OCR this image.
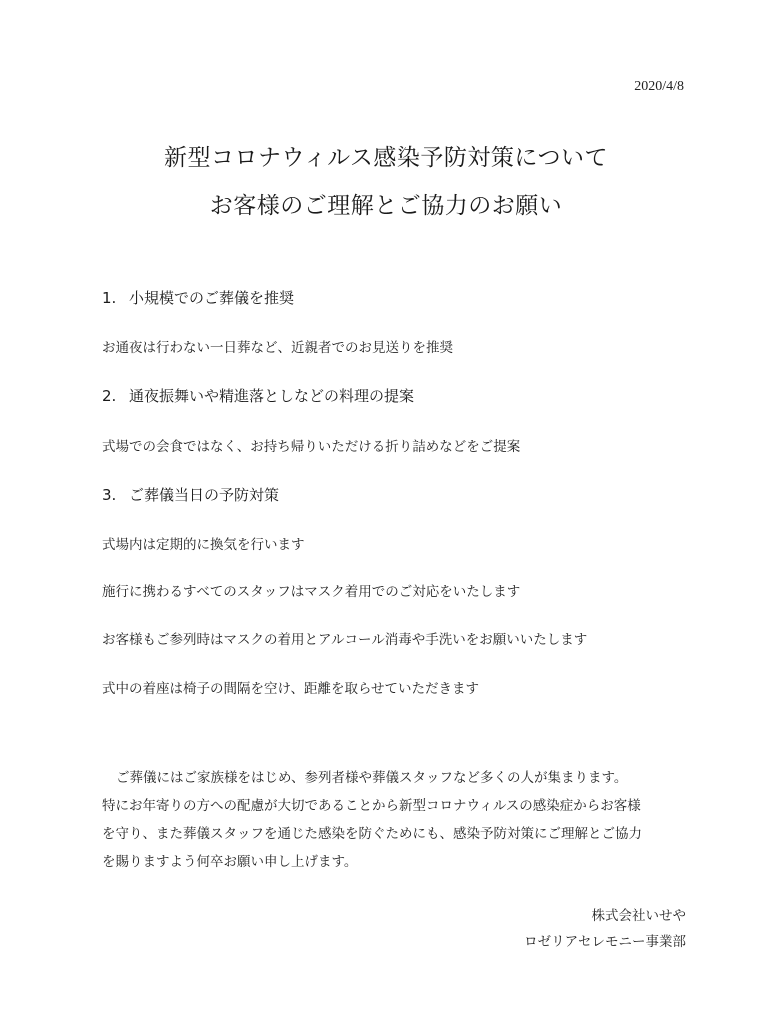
2020/4/8
新型コロナウィルス感染予防対策について
お客様のご理解とご協力のお願い
1. 小規模でのご葬儀を推奨
お通夜は行わない一日葬など、近親者でのお見送りを推奨
2. 通夜振舞いや精進落としなどの料理の提案
式場での会食ではなく、お持ち帰りいただける折り詰めなどをご提案
3. ご葬儀当日の予防対策
式場内は定期的に換気を行います
施行に携わるすべてのスタッフはマスク着用でのご対応をいたします
お客様もご参列時はマスクの着用とアルコール消毒や手洗いをお願いいたします
式中の着座は椅子の間隔を空け、距離を取らせていただきます
ご葬儀にはご家族様をはじめ、参列者様や葬儀スタッフなど多くの人が集まります。
特にお年寄りの方への配慮が大切であることから新型コロナウィルスの感染症からお客様
を守り、また葬儀スタッフを通じた感染を防ぐためにも、感染予防対策にご理解とご協力
を賜りますよう何卒お願い申し上げます。
株式会社いせや
ロゼリアセレモニー事業部
